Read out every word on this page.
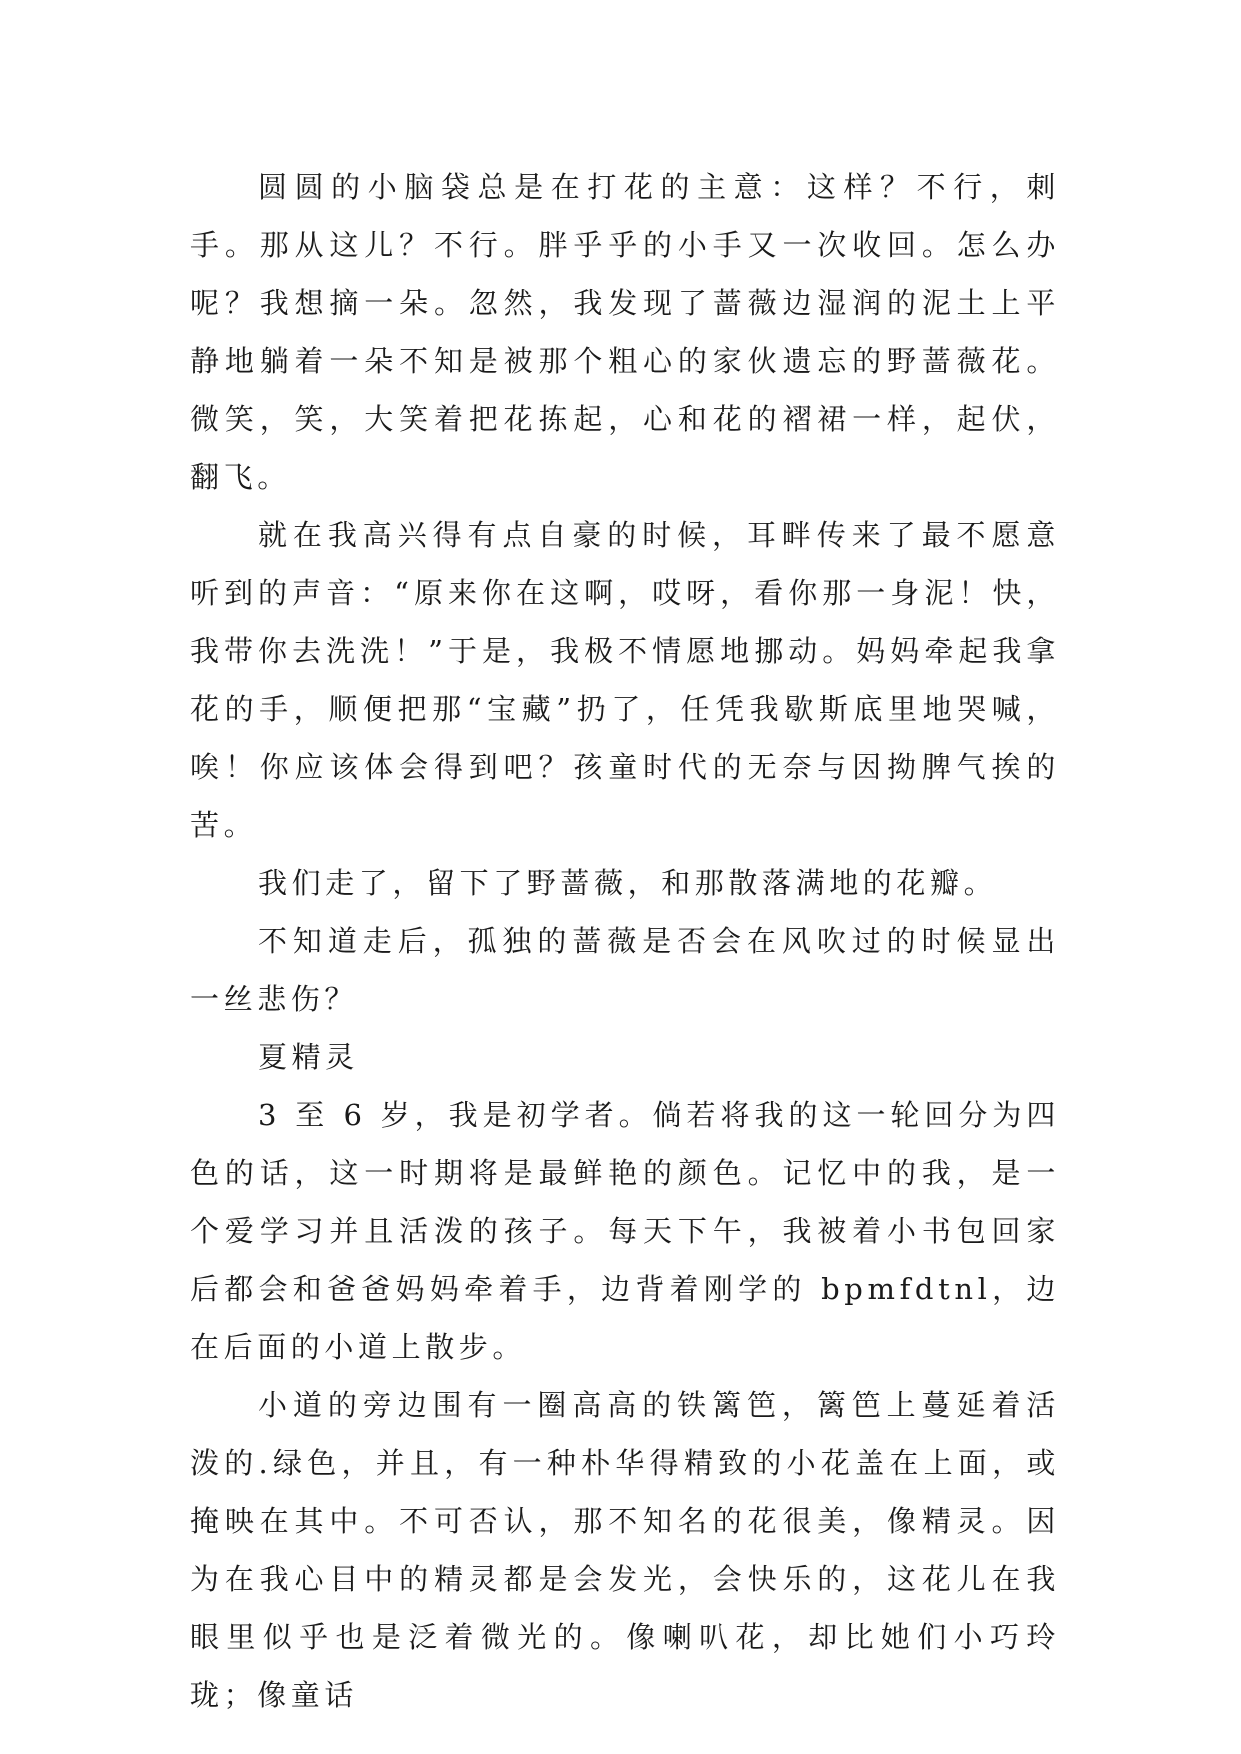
圆圆的小脑袋总是在打花的主意：这样？不行，刺手。那从这儿？不行。胖乎乎的小手又一次收回。怎么办呢？我想摘一朵。忽然，我发现了蔷薇边湿润的泥土上平静地躺着一朵不知是被那个粗心的家伙遗忘的野蔷薇花。微笑，笑，大笑着把花拣起，心和花的褶裙一样，起伏，翻飞。

就在我高兴得有点自豪的时候，耳畔传来了最不愿意听到的声音：“原来你在这啊，哎呀，看你那一身泥！快，我带你去洗洗！”于是，我极不情愿地挪动。妈妈牵起我拿花的手，顺便把那“宝藏”扔了，任凭我歇斯底里地哭喊，唉！你应该体会得到吧？孩童时代的无奈与因拗脾气挨的苦。

我们走了，留下了野蔷薇，和那散落满地的花瓣。

不知道走后，孤独的蔷薇是否会在风吹过的时候显出一丝悲伤？

夏精灵

3 至 6 岁，我是初学者。倘若将我的这一轮回分为四色的话，这一时期将是最鲜艳的颜色。记忆中的我，是一个爱学习并且活泼的孩子。每天下午，我被着小书包回家后都会和爸爸妈妈牵着手，边背着刚学的 bpmfdtnl，边在后面的小道上散步。

小道的旁边围有一圈高高的铁篱笆，篱笆上蔓延着活泼的.绿色，并且，有一种朴华得精致的小花盖在上面，或掩映在其中。不可否认，那不知名的花很美，像精灵。因为在我心目中的精灵都是会发光，会快乐的，这花儿在我眼里似乎也是泛着微光的。像喇叭花，却比她们小巧玲珑；像童话
